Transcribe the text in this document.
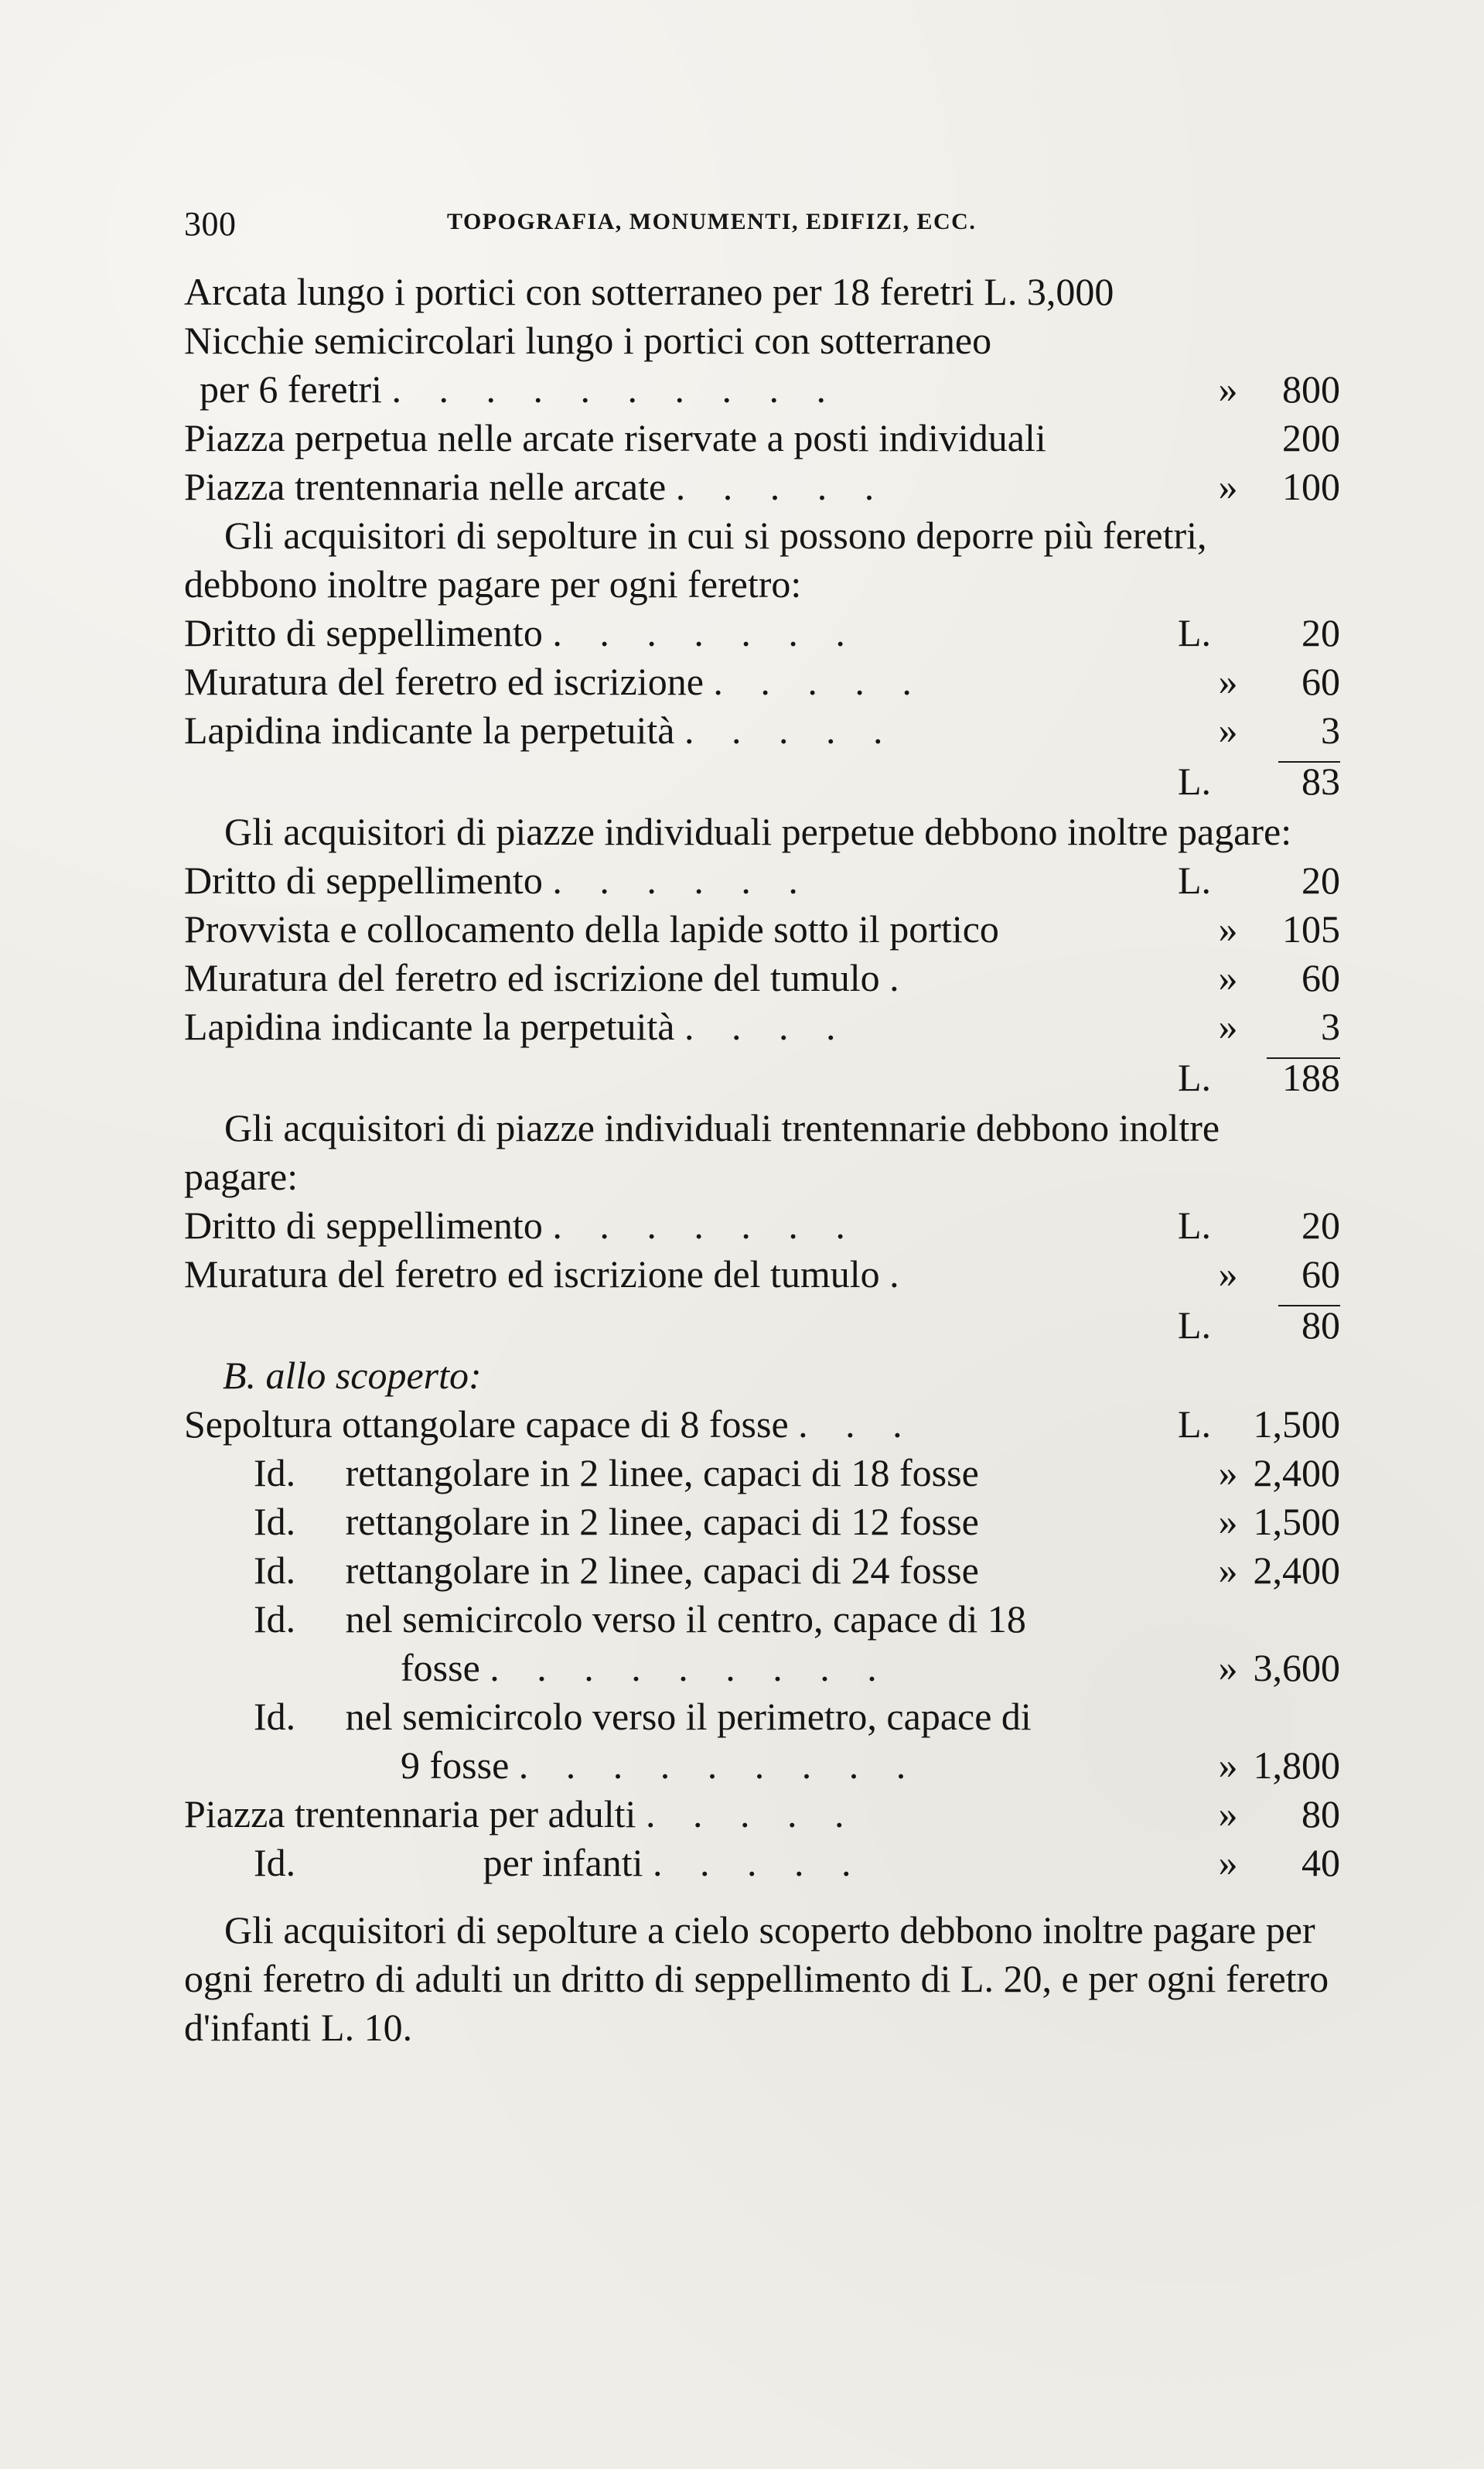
300	TOPOGRAFIA, MONUMENTI, EDIFIZI, ECC.
Arcata lungo i portici con sotterraneo per 18 feretri L. 3,000
Nicchie semicircolari lungo i portici con sotterraneo
per 6 feretri . . . . . . . . . .	»	800
Piazza perpetua nelle arcate riservate a posti individuali	200
Piazza trentennaria nelle arcate . . . . .	»	100

Gli acquisitori di sepolture in cui si possono deporre più feretri, debbono inoltre pagare per ogni feretro:

Dritto di seppellimento . . . . . . .	L.	20
Muratura del feretro ed iscrizione . . . . .	»	60
Lapidina indicante la perpetuità . . . . .	»	3
L.	83

Gli acquisitori di piazze individuali perpetue debbono inoltre pagare:

Dritto di seppellimento . . . . . .	L.	20
Provvista e collocamento della lapide sotto il portico	»	105
Muratura del feretro ed iscrizione del tumulo .	»	60
Lapidina indicante la perpetuità . . . .	»	3
L.	188

Gli acquisitori di piazze individuali trentennarie debbono inoltre pagare:

Dritto di seppellimento . . . . . . .	L.	20
Muratura del feretro ed iscrizione del tumulo .	»	60
L.	80
B. allo scoperto:
Sepoltura ottangolare capace di 8 fosse . . .	L.	1,500
Id. rettangolare in 2 linee, capaci di 18 fosse	» 2,400
Id. rettangolare in 2 linee, capaci di 12 fosse	» 1,500
Id. rettangolare in 2 linee, capaci di 24 fosse	» 2,400
Id. nel semicircolo verso il centro, capace di 18
fosse . . . . . . . . .	» 3,600
Id. nel semicircolo verso il perimetro, capace di
9 fosse . . . . . . . . .	» 1,800
Piazza trentennaria per adulti . . . . .	»	80
Id.	per infanti . . . . .	»	40

Gli acquisitori di sepolture a cielo scoperto debbono inoltre pagare per ogni feretro di adulti un dritto di seppellimento di L. 20, e per ogni feretro d'infanti L. 10.
